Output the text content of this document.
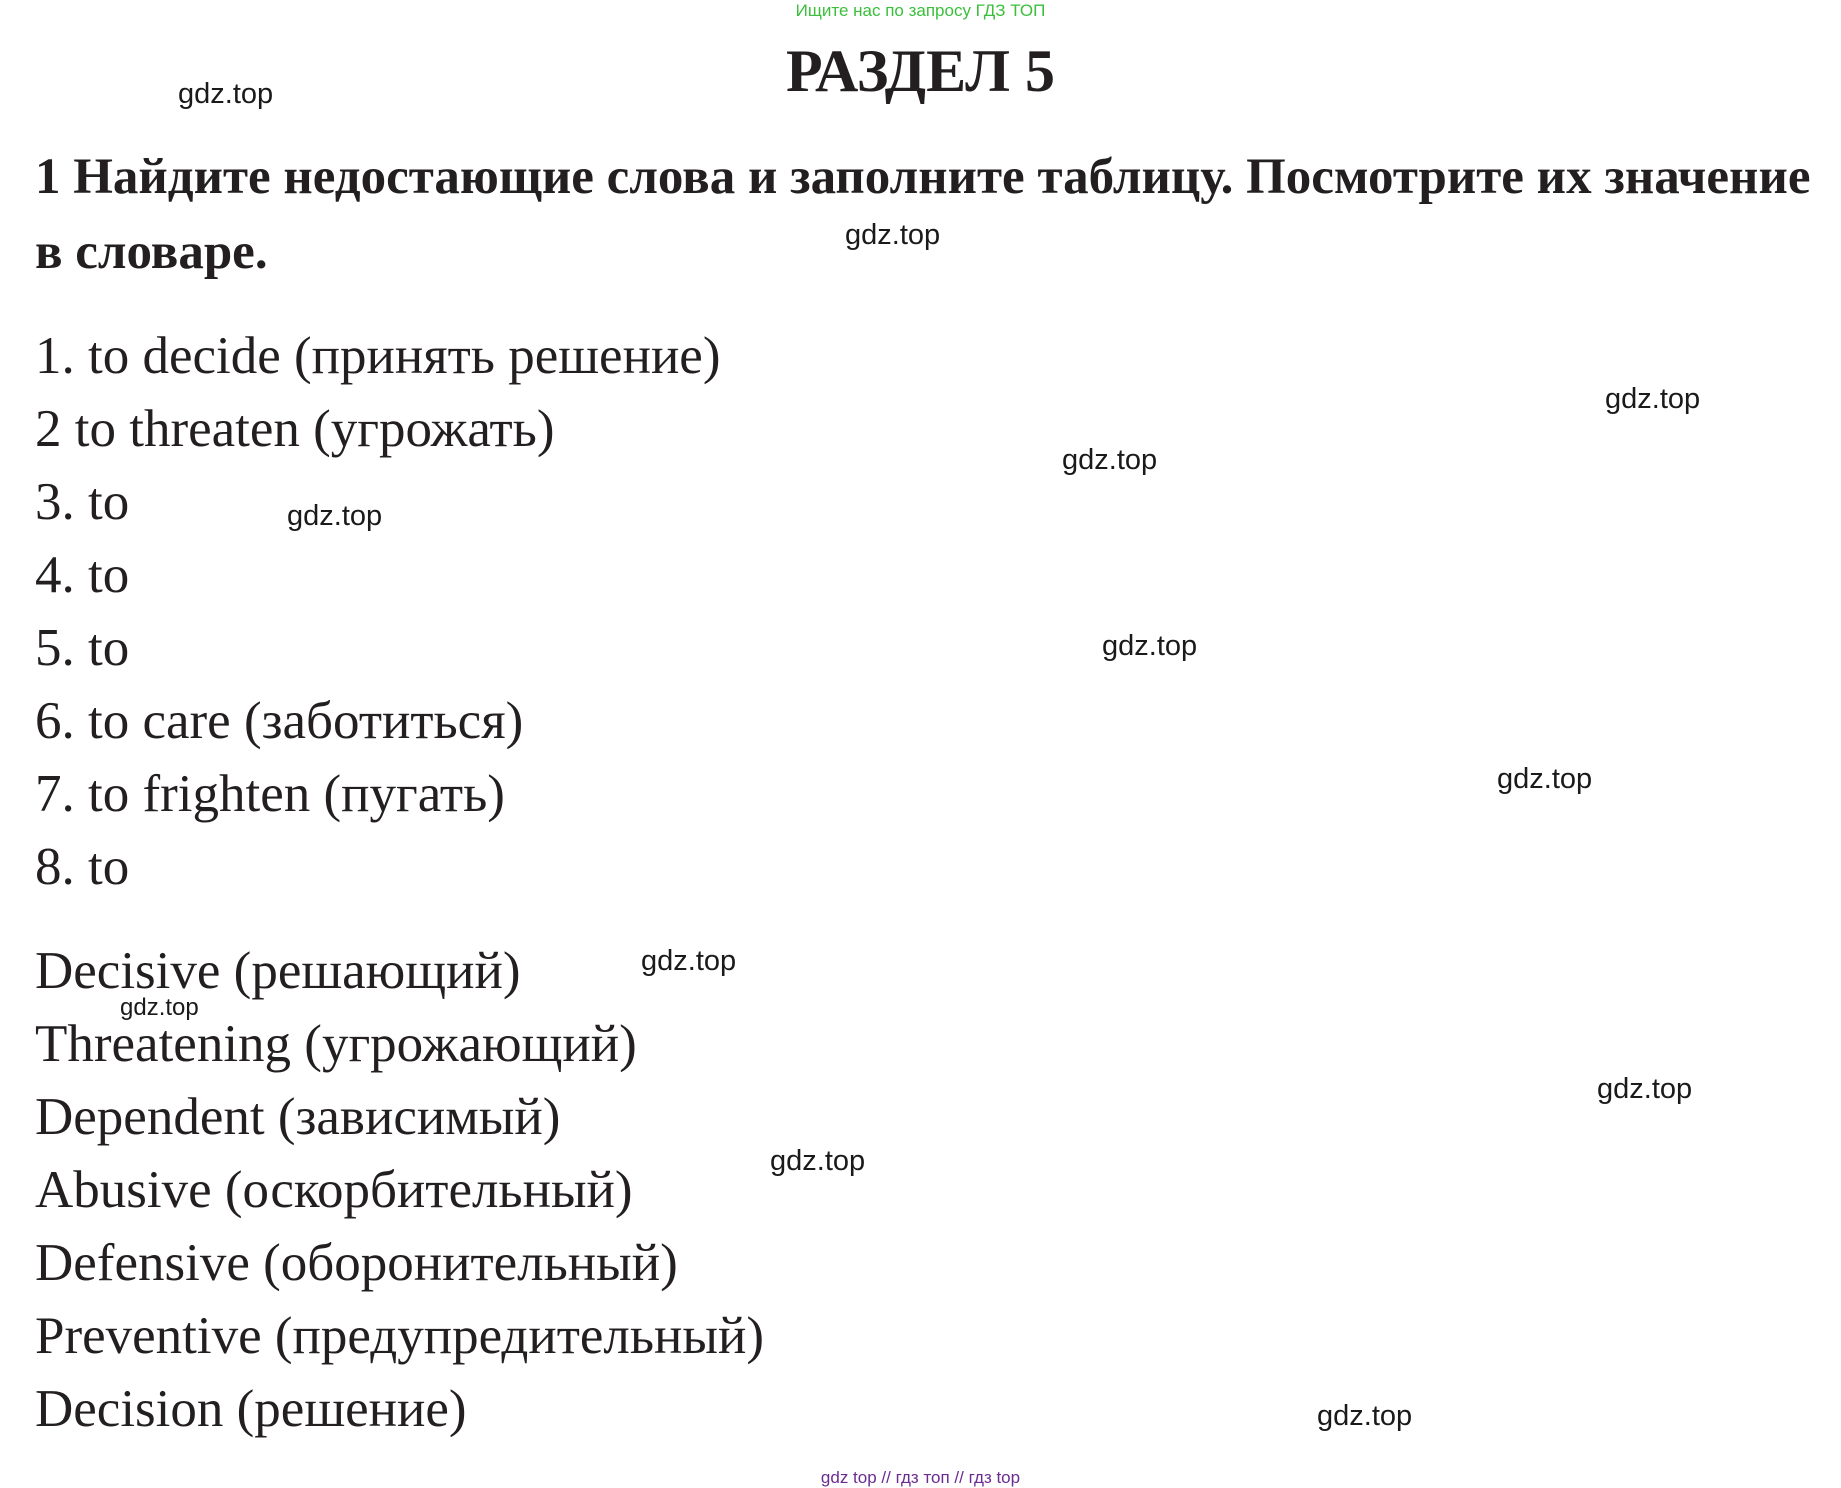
Ищите нас по запросу ГДЗ ТОП
РАЗДЕЛ 5

1 Найдите недостающие слова и заполните таблицу. Посмотрите их значение в словаре.

1. to decide (принять решение)
2 to threaten (угрожать)
3. to
4. to
5. to
6. to care (заботиться)
7. to frighten (пугать)
8. to
Decisive (решающий)
Threatening (угрожающий)
Dependent (зависимый)
Abusive (оскорбительный)
Defensive (оборонительный)
Preventive (предупредительный)
Decision (решение)
gdz.top
gdz.top
gdz.top
gdz.top
gdz.top
gdz.top
gdz.top
gdz.top
gdz.top
gdz.top
gdz.top
gdz.top
gdz top // гдз топ // гдз top
